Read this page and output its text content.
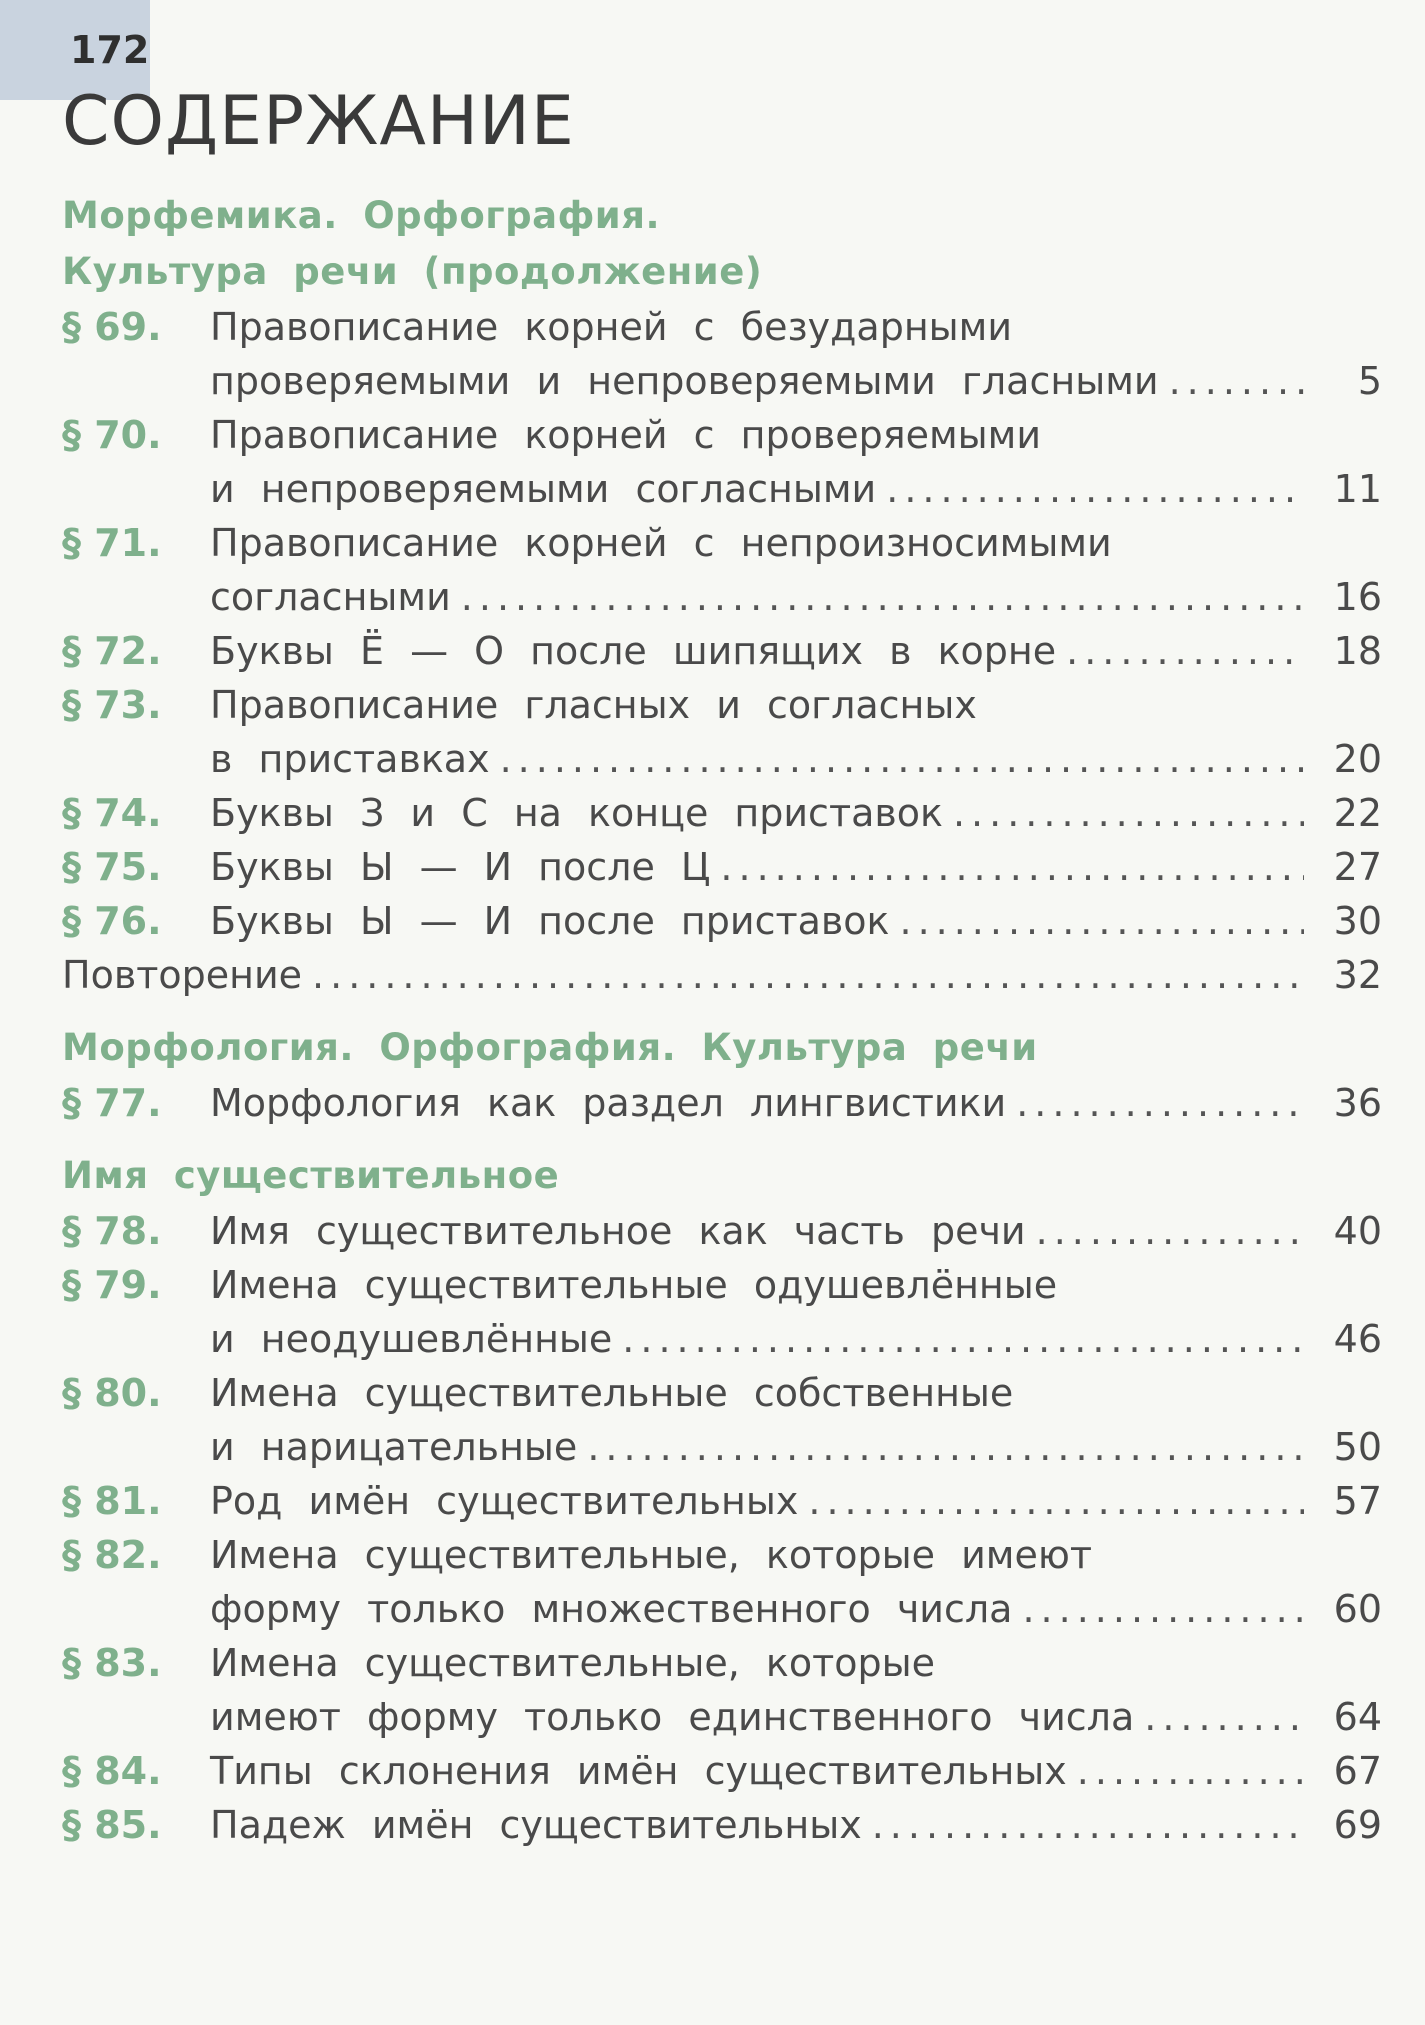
172
СОДЕРЖАНИЕ
Морфемика. Орфография.
Культура речи (продолжение)
§ 69.	Правописание корней с безударными
проверяемыми и непроверяемыми гласными .....	5
§ 70.	Правописание корней с проверяемыми
и непроверяемыми согласными .....	11
§ 71.	Правописание корней с непроизносимыми
согласными .....	16
§ 72.	Буквы Ё — О после шипящих в корне .....	18
§ 73.	Правописание гласных и согласных
в приставках .....	20
§ 74.	Буквы З и С на конце приставок .....	22
§ 75.	Буквы Ы — И после Ц .....	27
§ 76.	Буквы Ы — И после приставок .....	30
Повторение .....	32
Морфология. Орфография. Культура речи
§ 77.	Морфология как раздел лингвистики .....	36
Имя существительное
§ 78.	Имя существительное как часть речи .....	40
§ 79.	Имена существительные одушевлённые
и неодушевлённые .....	46
§ 80.	Имена существительные собственные
и нарицательные .....	50
§ 81.	Род имён существительных .....	57
§ 82.	Имена существительные, которые имеют
форму только множественного числа .....	60
§ 83.	Имена существительные, которые
имеют форму только единственного числа .....	64
§ 84.	Типы склонения имён существительных .....	67
§ 85.	Падеж имён существительных .....	69
